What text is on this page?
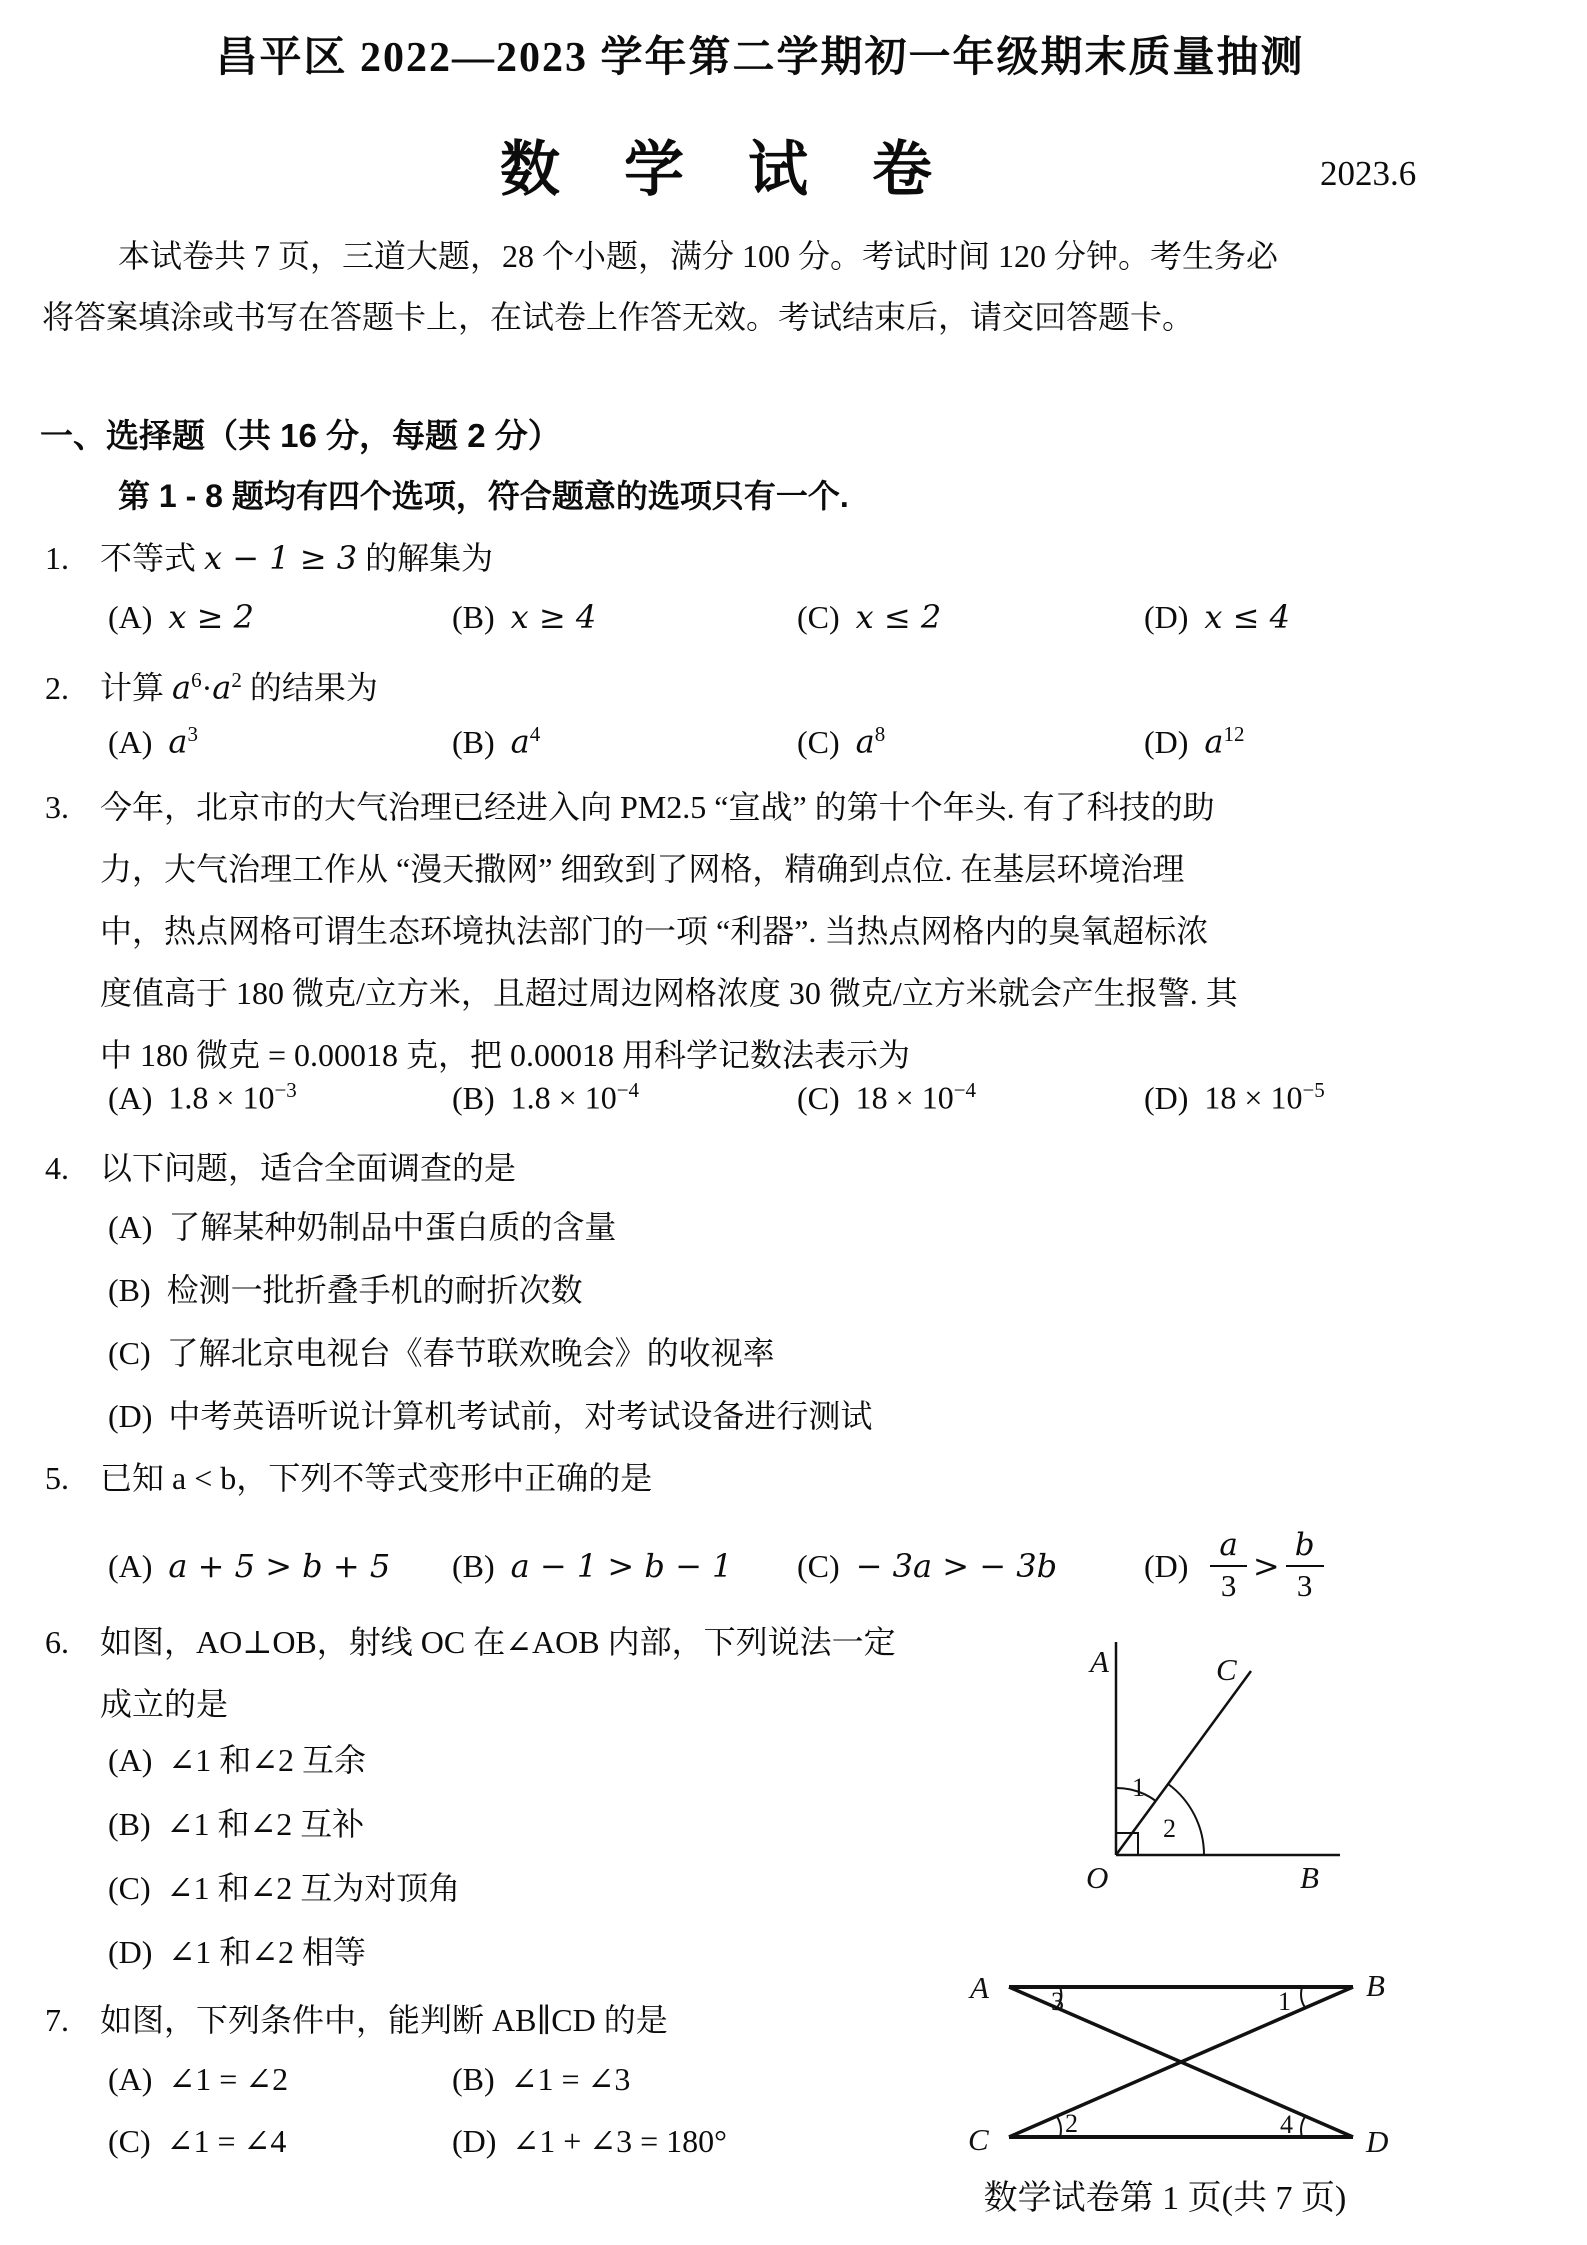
昌平区 2022—2023 学年第二学期初一年级期末质量抽测
数学试卷	2023.6
本试卷共 7 页，三道大题，28 个小题，满分 100 分。考试时间 120 分钟。考生务必
将答案填涂或书写在答题卡上，在试卷上作答无效。考试结束后，请交回答题卡。
一、选择题（共 16 分，每题 2 分）
第 1 - 8 题均有四个选项，符合题意的选项只有一个.
1. 不等式 x − 1 ≥ 3 的解集为
(A) x ≥ 2	(B) x ≥ 4	(C) x ≤ 2	(D) x ≤ 4
2. 计算 $a^6\cdot a^2$ 的结果为
(A) $a^3$	(B) $a^4$	(C) $a^8$	(D) $a^{12}$
3. 今年，北京市的大气治理已经进入向 PM2.5 “宣战” 的第十个年头. 有了科技的助
力，大气治理工作从 “漫天撒网” 细致到了网格，精确到点位. 在基层环境治理
中，热点网格可谓生态环境执法部门的一项 “利器”. 当热点网格内的臭氧超标浓
度值高于 180 微克/立方米，且超过周边网格浓度 30 微克/立方米就会产生报警. 其
中 180 微克 = 0.00018 克，把 0.00018 用科学记数法表示为
(A) $1.8 \times 10^{-3}$	(B) $1.8 \times 10^{-4}$	(C) $18 \times 10^{-4}$	(D) $18 \times 10^{-5}$
4. 以下问题，适合全面调查的是
(A) 了解某种奶制品中蛋白质的含量
(B) 检测一批折叠手机的耐折次数
(C) 了解北京电视台《春节联欢晚会》的收视率
(D) 中考英语听说计算机考试前，对考试设备进行测试
5. 已知 a < b，下列不等式变形中正确的是
(A) a + 5 > b + 5 (B) a − 1 > b − 1 (C) − 3a > − 3b	$(D) \frac{a}{3} > \frac{b}{3}$
6. 如图，AO⊥OB，射线 OC 在∠AOB 内部，下列说法一定
成立的是
(A) ∠1 和∠2 互余
(B) ∠1 和∠2 互补
(C) ∠1 和∠2 互为对顶角
(D) ∠1 和∠2 相等
A	C
O	B
1
2
7. 如图，下列条件中，能判断 AB∥CD 的是
(A) ∠1 = ∠2	(B) ∠1 = ∠3
(C) ∠1 = ∠4	(D) ∠1 + ∠3 = 180°
A	B
C	D
3	1
2	4
数学试卷第 1 页(共 7 页)
